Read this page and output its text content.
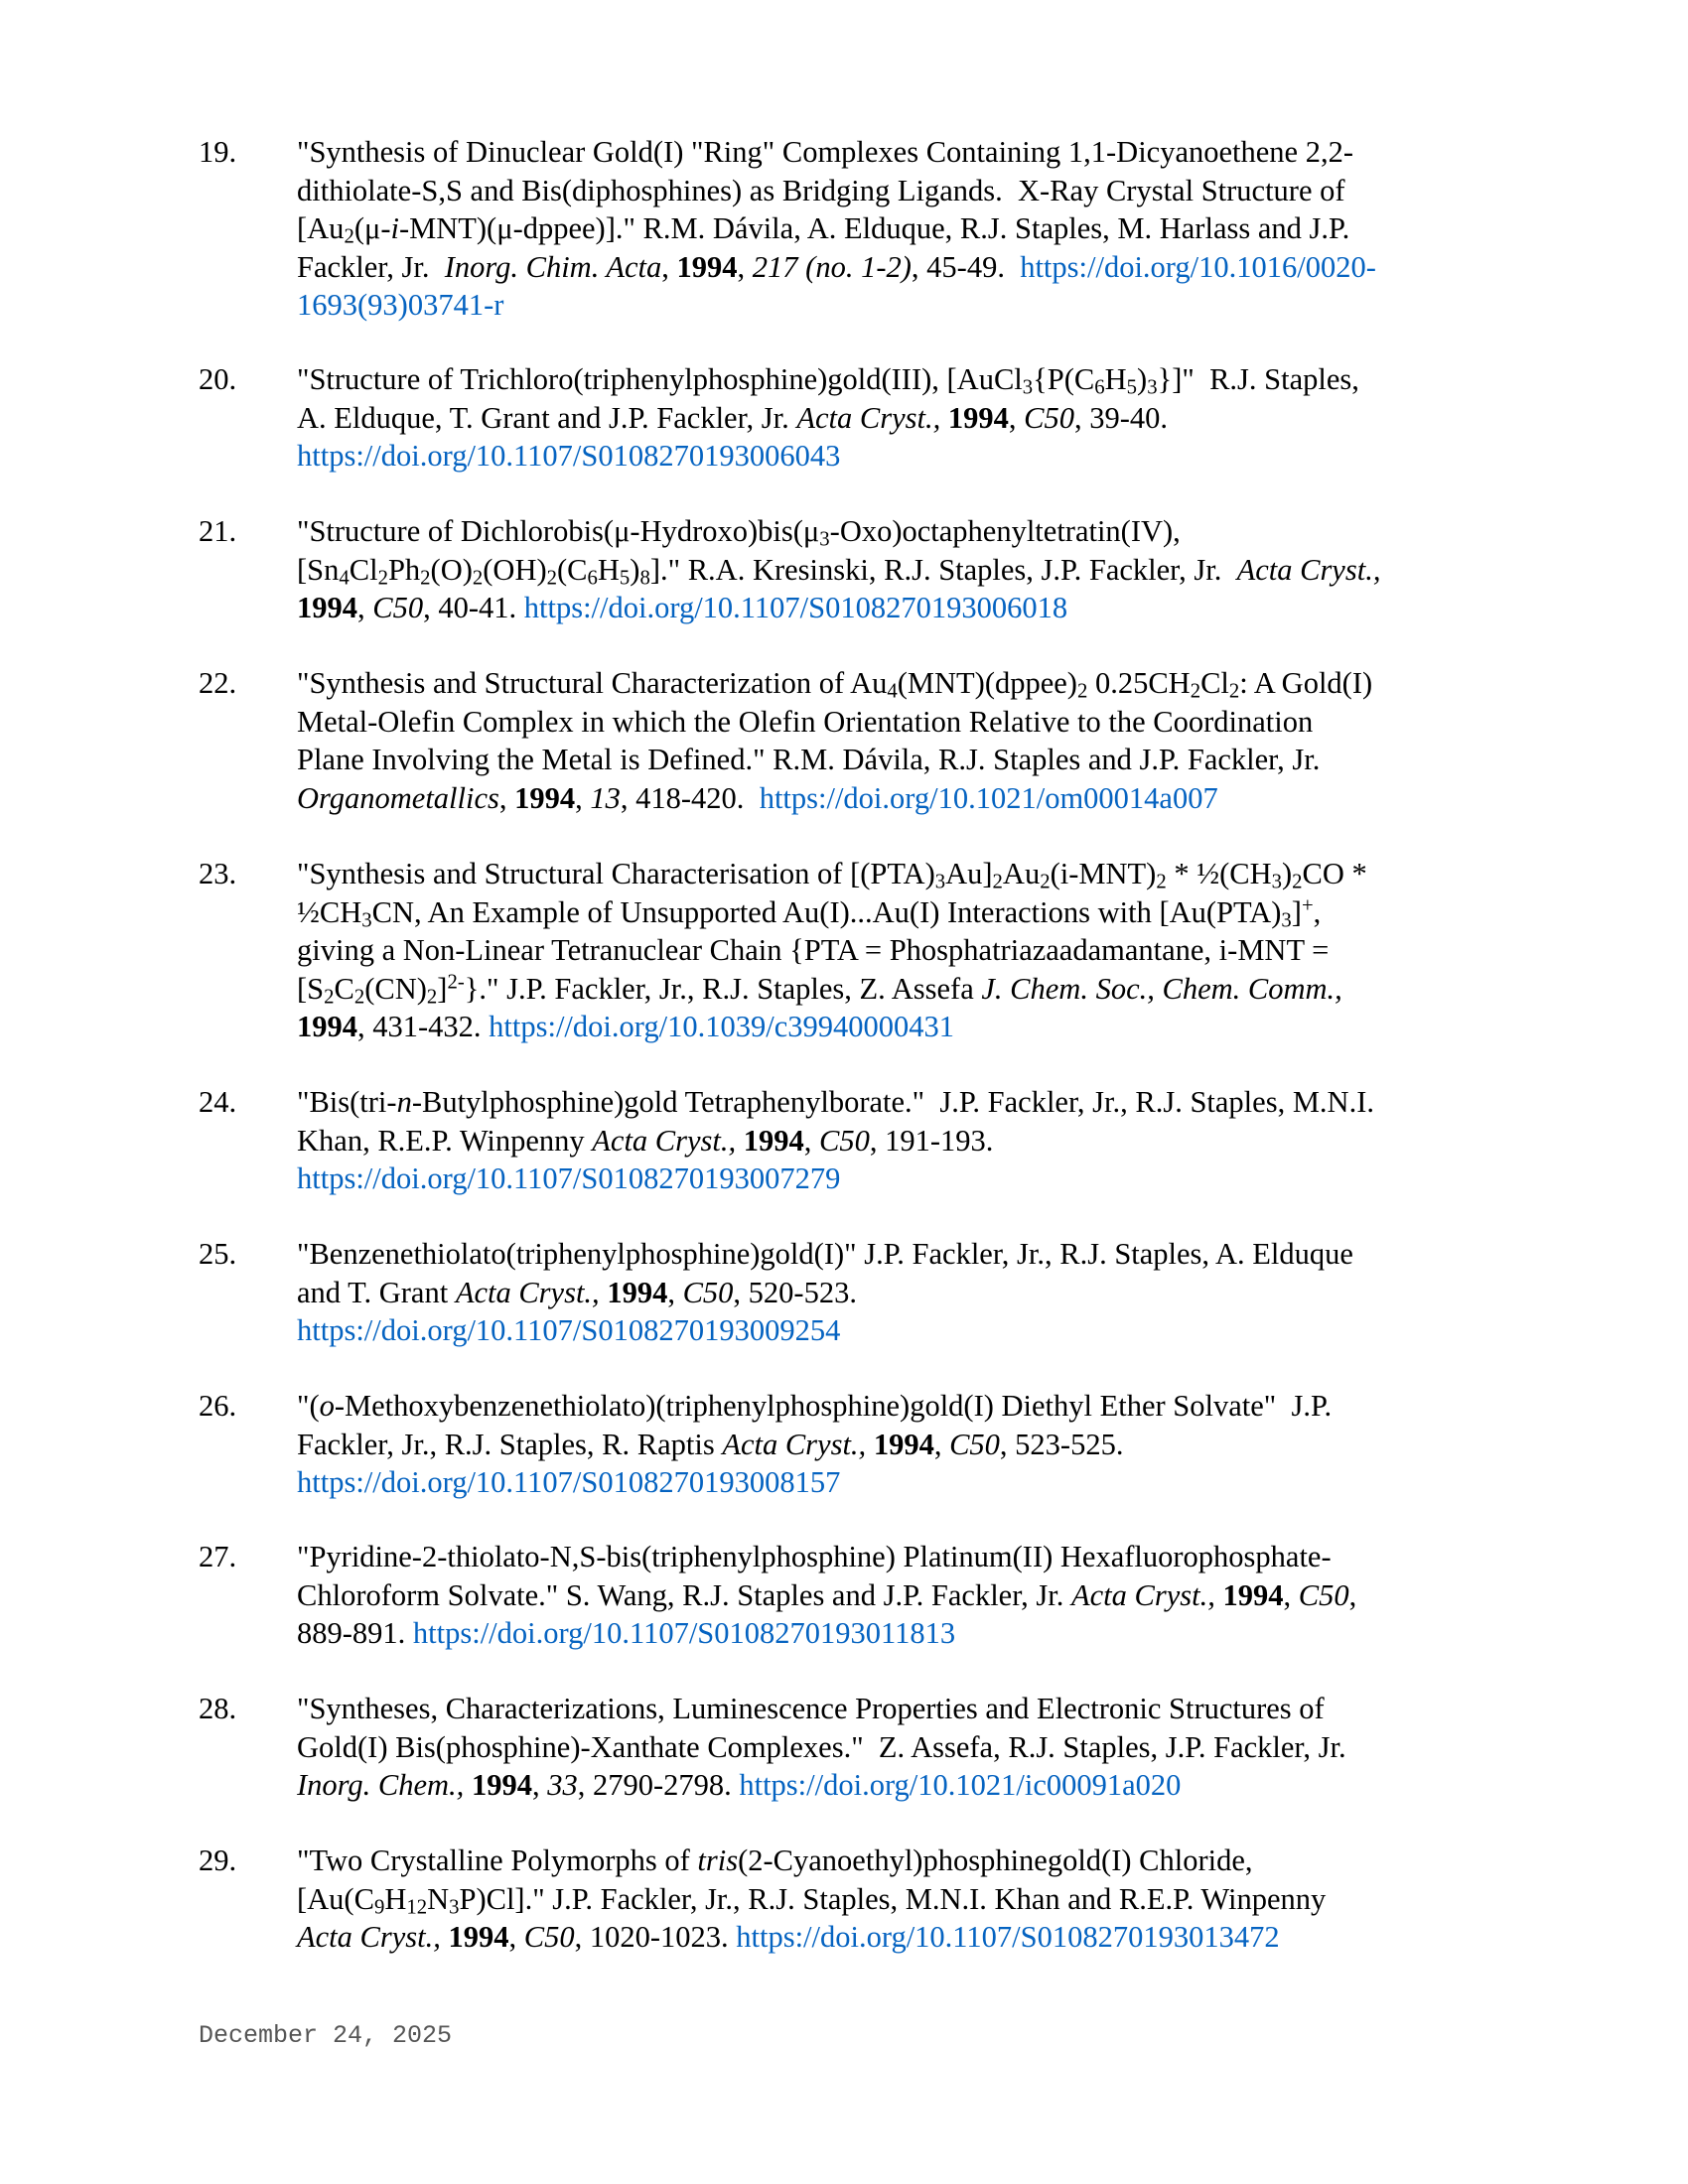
19. "Synthesis of Dinuclear Gold(I) "Ring" Complexes Containing 1,1-Dicyanoethene 2,2-
dithiolate-S,S and Bis(diphosphines) as Bridging Ligands.  X-Ray Crystal Structure of
$[Au_2(\mu-i-MNT)(\mu-dppee)]$." R.M. Dávila, A. Elduque, R.J. Staples, M. Harlass and J.P.
Fackler, Jr.  Inorg. Chim. Acta, 1994, 217 (no. 1-2), 45-49.  https://doi.org/10.1016/0020-1693(93)03741-r
20. "Structure of Trichloro(triphenylphosphine)gold(III), $[AuCl_3\{P(C_6H_5)_3\}]$"  R.J. Staples,
A. Elduque, T. Grant and J.P. Fackler, Jr. Acta Cryst., 1994, C50, 39-40.
https://doi.org/10.1107/S0108270193006043
21. "Structure of $Dichlorobis(\mu-Hydroxo)bis(\mu_3-Oxo)octaphenyltetratin(IV)$,
$[Sn_4Cl_2Ph_2(O)_2(OH)_2(C_6H_5)_8]$." R.A. Kresinski, R.J. Staples, J.P. Fackler, Jr.  Acta Cryst.,
1994, C50, 40-41. https://doi.org/10.1107/S0108270193006018
22. "Synthesis and Structural Characterization of $Au_4(MNT)(dppee)_2$ $0.25CH_2Cl_2$: A Gold(I)
Metal-Olefin Complex in which the Olefin Orientation Relative to the Coordination
Plane Involving the Metal is Defined." R.M. Dávila, R.J. Staples and J.P. Fackler, Jr.
Organometallics, 1994, 13, 418-420.  https://doi.org/10.1021/om00014a007
23. "Synthesis and Structural Characterisation of $[(PTA)_3Au]_2Au_2(i-MNT)_2$ * $\frac{1}{2}(CH_3)_2CO$ *
$\frac{1}{2}CH_3CN$, An Example of Unsupported Au(I)...Au(I) Interactions with $[Au(PTA)_3]^+$,
giving a Non-Linear Tetranuclear Chain {PTA = Phosphatriazaadamantane, i-MNT =
$[S_2C_2(CN)_2]^{2-}$}." J.P. Fackler, Jr., R.J. Staples, Z. Assefa J. Chem. Soc., Chem. Comm.,
1994, 431-432. https://doi.org/10.1039/c39940000431
24. "Bis(tri-n-Butylphosphine)gold Tetraphenylborate."  J.P. Fackler, Jr., R.J. Staples, M.N.I.
Khan, R.E.P. Winpenny Acta Cryst., 1994, C50, 191-193.
https://doi.org/10.1107/S0108270193007279
25. "Benzenethiolato(triphenylphosphine)gold(I)" J.P. Fackler, Jr., R.J. Staples, A. Elduque
and T. Grant Acta Cryst., 1994, C50, 520-523.
https://doi.org/10.1107/S0108270193009254
26. "(o-Methoxybenzenethiolato)(triphenylphosphine)gold(I) Diethyl Ether Solvate"  J.P.
Fackler, Jr., R.J. Staples, R. Raptis Acta Cryst., 1994, C50, 523-525.
https://doi.org/10.1107/S0108270193008157
27. "Pyridine-2-thiolato-N,S-bis(triphenylphosphine) Platinum(II) Hexafluorophosphate-
Chloroform Solvate." S. Wang, R.J. Staples and J.P. Fackler, Jr. Acta Cryst., 1994, C50,
889-891. https://doi.org/10.1107/S0108270193011813
28. "Syntheses, Characterizations, Luminescence Properties and Electronic Structures of
Gold(I) Bis(phosphine)-Xanthate Complexes."  Z. Assefa, R.J. Staples, J.P. Fackler, Jr.
Inorg. Chem., 1994, 33, 2790-2798. https://doi.org/10.1021/ic00091a020
29. "Two Crystalline Polymorphs of tris(2-Cyanoethyl)phosphinegold(I) Chloride,
$[Au(C_9H_{12}N_3P)Cl]$." J.P. Fackler, Jr., R.J. Staples, M.N.I. Khan and R.E.P. Winpenny
Acta Cryst., 1994, C50, 1020-1023. https://doi.org/10.1107/S0108270193013472
December 24, 2025
